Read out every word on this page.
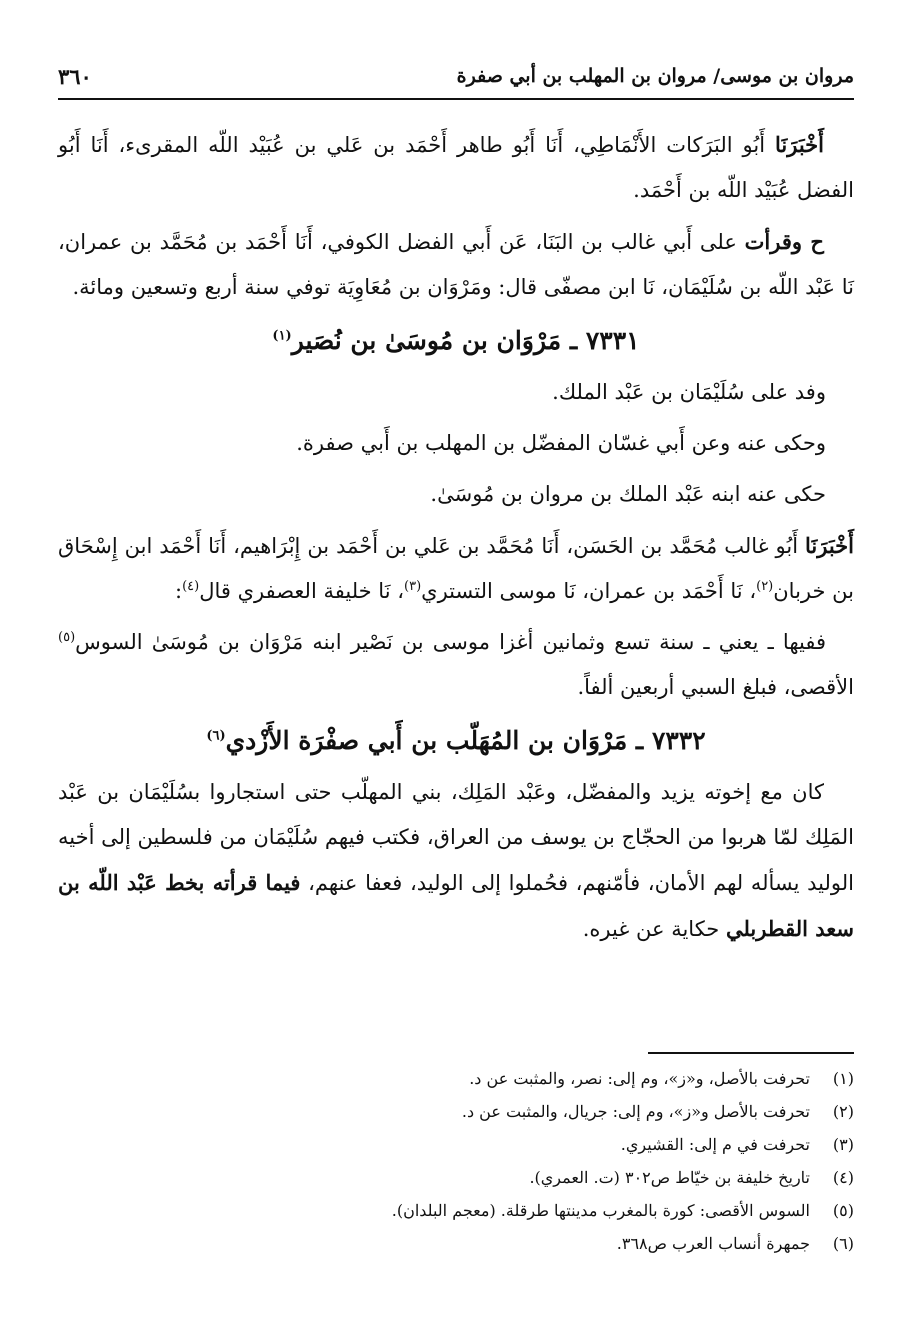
مروان بن موسى/ مروان بن المهلب بن أبي صفرة
٣٦٠

أَخْبَرَنَا أَبُو البَرَكات الأَنْمَاطِي، أَنَا أَبُو طاهر أَحْمَد بن عَلي بن عُبَيْد اللّه المقرىء، أَنَا أَبُو الفضل عُبَيْد اللّه بن أَحْمَد.

ح وقرأت على أَبي غالب بن البَنَا، عَن أَبي الفضل الكوفي، أَنَا أَحْمَد بن مُحَمَّد بن عمران، نَا عَبْد اللّه بن سُلَيْمَان، نَا ابن مصفّى قال: ومَرْوَان بن مُعَاوِيَة توفي سنة أربع وتسعين ومائة.

٧٣٣١ ـ مَرْوَان بن مُوسَىٰ بن نُصَير$^{(١)}$

وفد على سُلَيْمَان بن عَبْد الملك.

وحكى عنه وعن أَبي غسّان المفضّل بن المهلب بن أَبي صفرة.

حكى عنه ابنه عَبْد الملك بن مروان بن مُوسَىٰ.

أَخْبَرَنَا أَبُو غالب مُحَمَّد بن الحَسَن، أَنَا مُحَمَّد بن عَلي بن أَحْمَد بن إِبْرَاهيم، أَنَا أَحْمَد ابن إِسْحَاق بن خربان$^{(٢)}$، نَا أَحْمَد بن عمران، نَا موسى التستري$^{(٣)}$، نَا خليفة العصفري قال$^{(٤)}$:

ففيها ـ يعني ـ سنة تسع وثمانين أغزا موسى بن نَصْير ابنه مَرْوَان بن مُوسَىٰ السوس$^{(٥)}$ الأقصى، فبلغ السبي أربعين ألفاً.

٧٣٣٢ ـ مَرْوَان بن المُهَلّب بن أَبي صفْرَة الأَزْدي$^{(٦)}$

كان مع إخوته يزيد والمفضّل، وعَبْد المَلِك، بني المهلّب حتى استجاروا بسُلَيْمَان بن عَبْد المَلِك لمّا هربوا من الحجّاج بن يوسف من العراق، فكتب فيهم سُلَيْمَان من فلسطين إلى أخيه الوليد يسأله لهم الأمان، فأمّنهم، فحُملوا إلى الوليد، فعفا عنهم، فيما قرأته بخط عَبْد اللّه بن سعد القطربلي حكاية عن غيره.

(١)
تحرفت بالأصل، و«ز»، وم إلى: نصر، والمثبت عن د.
(٢)
تحرفت بالأصل و«ز»، وم إلى: جريال، والمثبت عن د.
(٣)
تحرفت في م إلى: القشيري.
(٤)
تاريخ خليفة بن خيّاط ص٣٠٢ (ت. العمري).
(٥)
السوس الأقصى: كورة بالمغرب مدينتها طرقلة. (معجم البلدان).
(٦)
جمهرة أنساب العرب ص٣٦٨.
